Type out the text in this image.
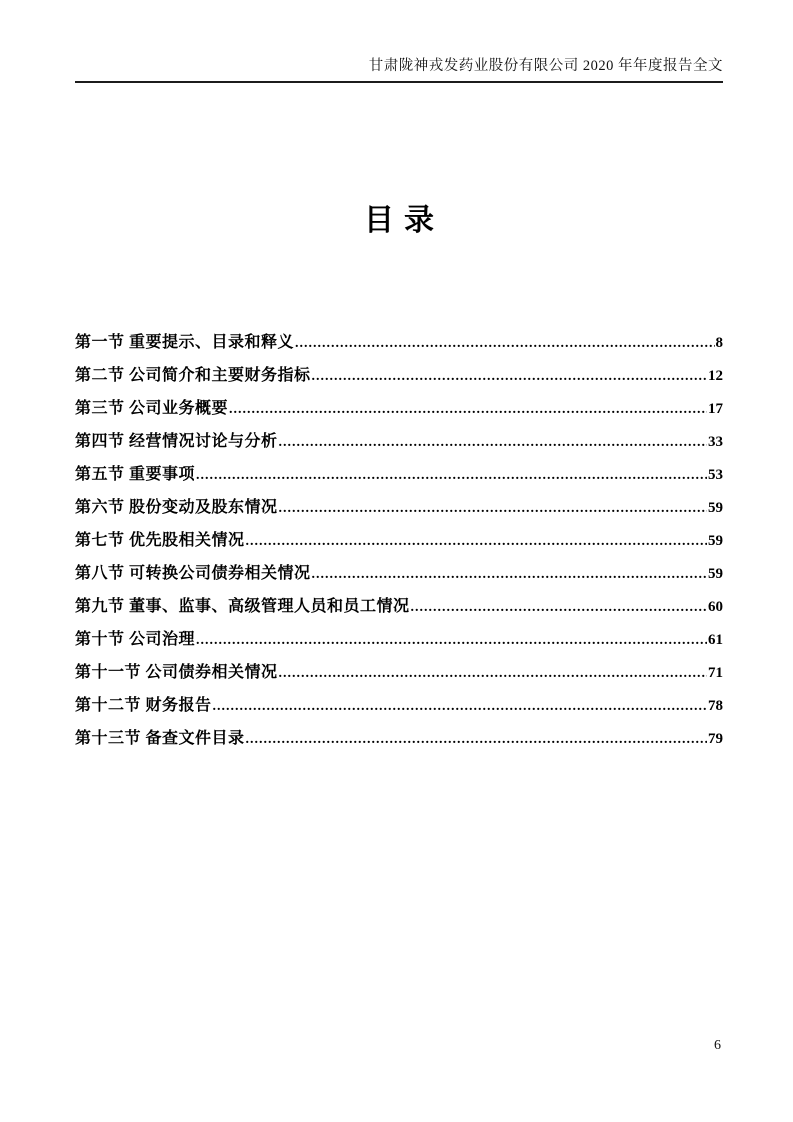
甘肃陇神戎发药业股份有限公司 2020 年年度报告全文
目录
第一节 重要提示、目录和释义 .....	8
第二节 公司简介和主要财务指标 .....	12
第三节 公司业务概要 .....	17
第四节 经营情况讨论与分析 .....	33
第五节 重要事项 .....	53
第六节 股份变动及股东情况 .....	59
第七节 优先股相关情况 .....	59
第八节 可转换公司债券相关情况 .....	59
第九节 董事、监事、高级管理人员和员工情况 .....	60
第十节 公司治理 .....	61
第十一节 公司债券相关情况 .....	71
第十二节 财务报告 .....	78
第十三节 备查文件目录 .....	79
6
